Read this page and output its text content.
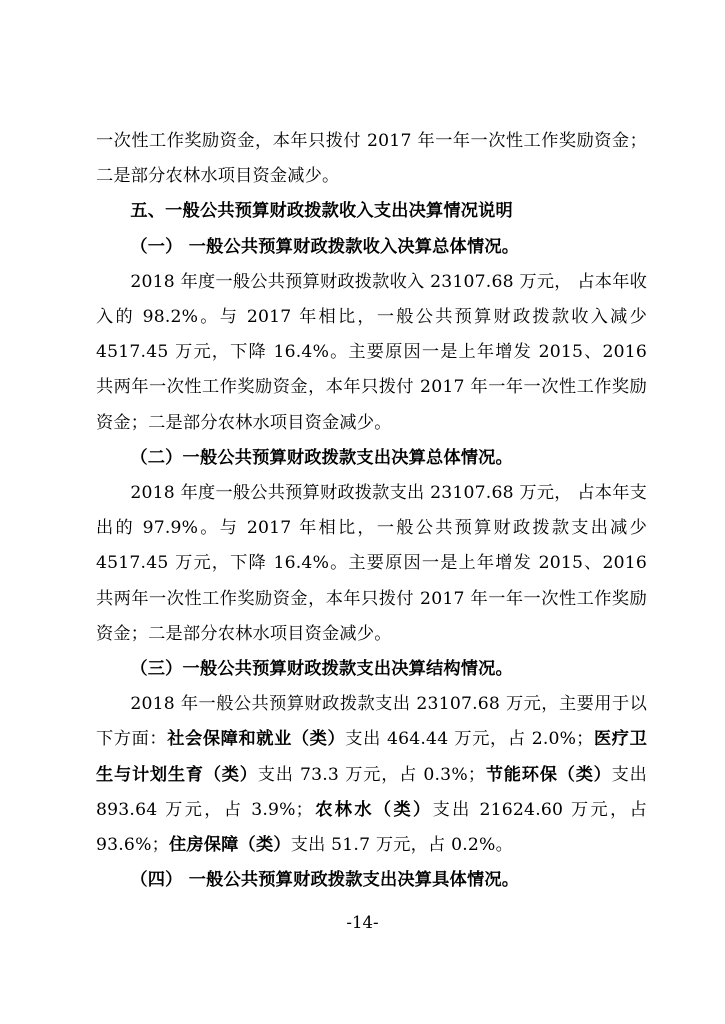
一次性工作奖励资金，本年只拨付 2017 年一年一次性工作奖励资金；二是部分农林水项目资金减少。

五、一般公共预算财政拨款收入支出决算情况说明

（一） 一般公共预算财政拨款收入决算总体情况。

2018 年度一般公共预算财政拨款收入 23107.68 万元， 占本年收入的 98.2%。与 2017 年相比，一般公共预算财政拨款收入减少 4517.45 万元，下降 16.4%。主要原因一是上年增发 2015、2016 共两年一次性工作奖励资金，本年只拨付 2017 年一年一次性工作奖励资金；二是部分农林水项目资金减少。

（二）一般公共预算财政拨款支出决算总体情况。

2018 年度一般公共预算财政拨款支出 23107.68 万元， 占本年支出的 97.9%。与 2017 年相比，一般公共预算财政拨款支出减少 4517.45 万元，下降 16.4%。主要原因一是上年增发 2015、2016 共两年一次性工作奖励资金，本年只拨付 2017 年一年一次性工作奖励资金；二是部分农林水项目资金减少。

（三）一般公共预算财政拨款支出决算结构情况。

2018 年一般公共预算财政拨款支出 23107.68 万元，主要用于以下方面：社会保障和就业（类）支出 464.44 万元，占 2.0%；医疗卫生与计划生育（类）支出 73.3 万元，占 0.3%；节能环保（类）支出 893.64 万元，占 3.9%；农林水（类）支出 21624.60 万元，占 93.6%；住房保障（类）支出 51.7 万元，占 0.2%。

（四） 一般公共预算财政拨款支出决算具体情况。

-14-
